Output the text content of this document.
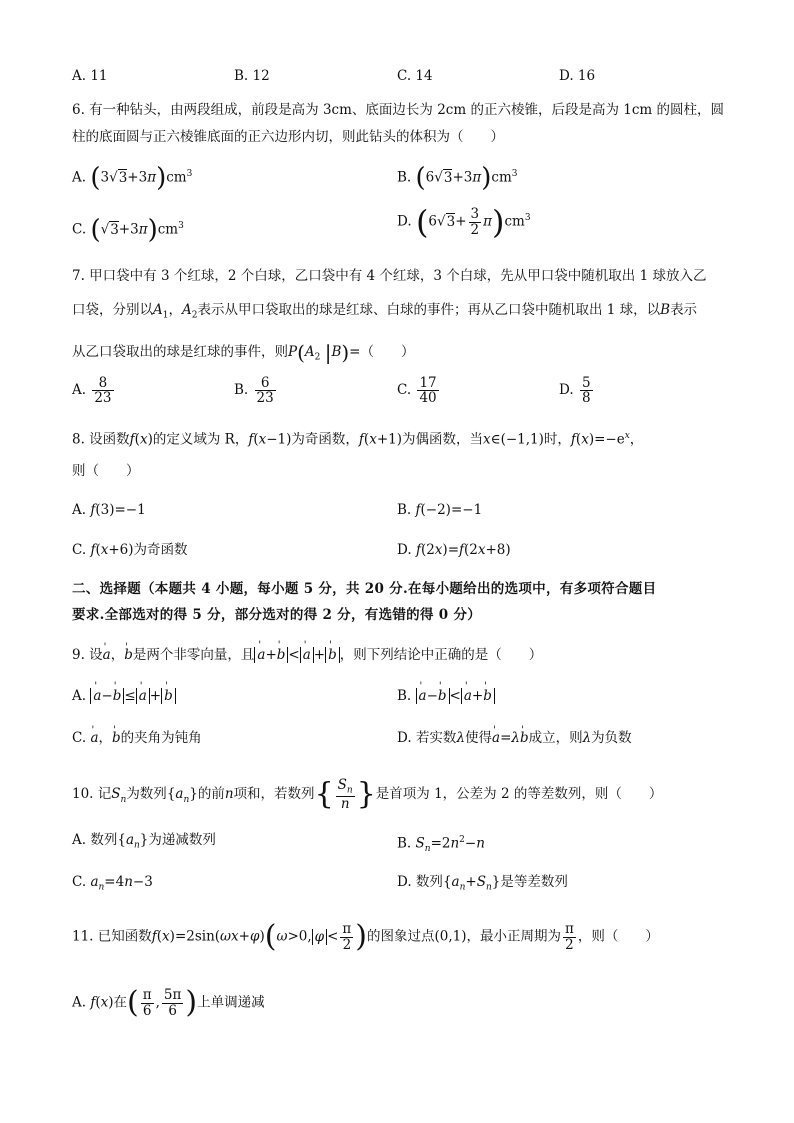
A. 11	B. 12	C. 14	D. 16
6. 有一种钻头，由两段组成，前段是高为 3cm、底面边长为 2cm 的正六棱锥，后段是高为 1cm 的圆柱，圆
柱的底面圆与正六棱锥底面的正六边形内切，则此钻头的体积为（　　）
A. $(3√3+3\pi)cm^3$	B. $(6√3+3\pi)cm^3$
C. $(√3+3\pi)cm^3$	D. $(6√3+ \frac{3}{2} \pi)cm^3$
7. 甲口袋中有 3 个红球，2 个白球，乙口袋中有 4 个红球，3 个白球，先从甲口袋中随机取出 1 球放入乙
口袋，分别以$A_1$，$A_2$表示从甲口袋取出的球是红球、白球的事件；再从乙口袋中随机取出 1 球，以B表示
从乙口袋取出的球是红球的事件，则$P(A_2$ |B)=（　　）
A. $\frac{8}{23}$	B. $\frac{6}{23}$	C. $\frac{17}{40}$	D. $\frac{5}{8}$
8. 设函数f(x)的定义域为 R，f(x−1)为奇函数，f(x+1)为偶函数，当x∈(−1,1)时，$f(x)=-e^x$，
则（　　）
A. f(3)=−1	B. f(−2)=−1
C. f(x+6)为奇函数	D. f(2x)=f(2x+8)
二、选择题（本题共 4 小题，每小题 5 分，共 20 分.在每小题给出的选项中，有多项符合题目
要求.全部选对的得 5 分，部分选对的得 2 分，有选错的得 0 分）
9. 设' a，' b是两个非零向量，且 ' a+' b < ' a + ' b ，则下列结论中正确的是（　　）
A. ' a−' b ≤ ' a + ' b	B. ' a−' b < ' a+' b
C. ' a，' b的夹角为钝角	D. 若实数λ使得' a=λ' b成立，则λ为负数
10. 记$S_n$为数列$\{a_n\}$的前n项和，若数列{ $\frac{S_n}{n}$ }是首项为 1，公差为 2 的等差数列，则（　　）
A. 数列$\{a_n\}$为递减数列	B. $S_n=2n^2-n$
C. $a_n=4n-3$	D. 数列$\{a_n+S_n\}$是等差数列
11. 已知函数f(x)=2sin(ωx+φ)(ω>0, $\varphi < \frac{\pi}{2}$ )的图象过点(0,1)，最小正周期为 $\frac{\pi}{2}$ ，则（　　）
A. f(x)在( $\frac{\pi}{6}$ , $\frac{5\pi}{6}$ )上单调递减
